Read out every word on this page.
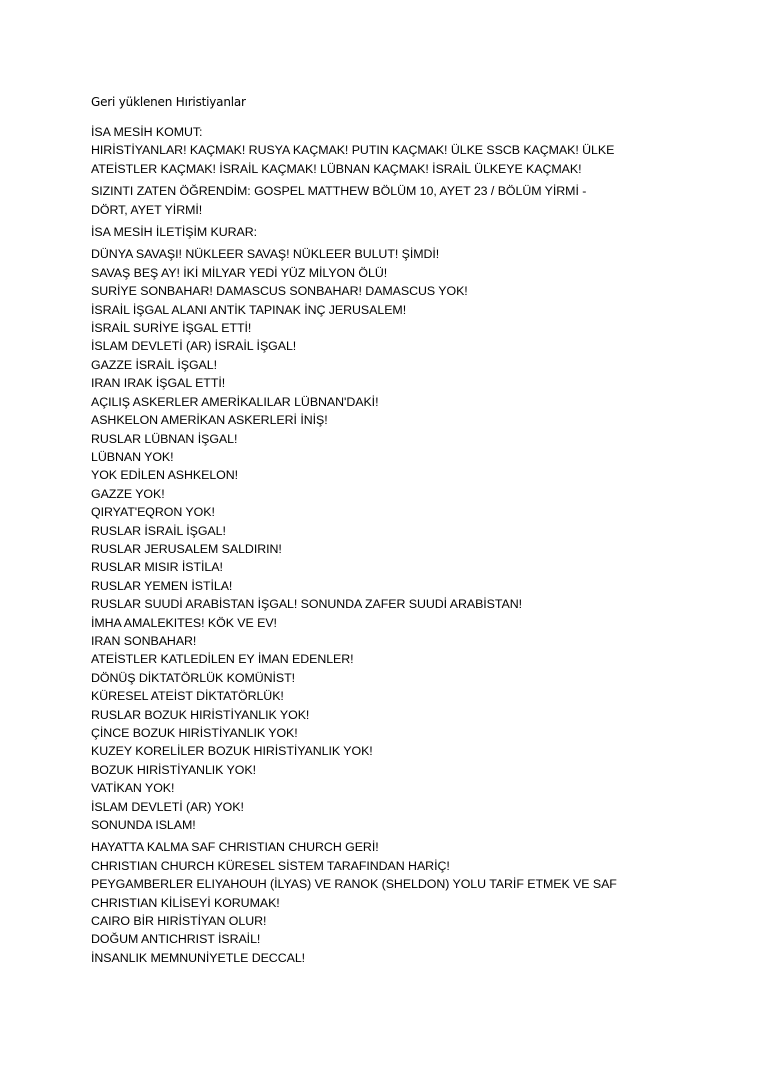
Geri yüklenen Hıristiyanlar
İSA MESİH KOMUT:
HIRİSTİYANLAR! KAÇMAK! RUSYA KAÇMAK! PUTIN KAÇMAK! ÜLKE SSCB KAÇMAK! ÜLKE
ATEİSTLER KAÇMAK! İSRAİL KAÇMAK! LÜBNAN KAÇMAK! İSRAİL ÜLKEYE KAÇMAK!
SIZINTI ZATEN ÖĞRENDİM: GOSPEL MATTHEW BÖLÜM 10, AYET 23 / BÖLÜM YİRMİ -
DÖRT, AYET YİRMİ!
İSA MESİH İLETİŞİM KURAR:
DÜNYA SAVAŞI! NÜKLEER SAVAŞ! NÜKLEER BULUT! ŞİMDİ!
SAVAŞ BEŞ AY! İKİ MİLYAR YEDİ YÜZ MİLYON ÖLÜ!
SURİYE SONBAHAR! DAMASCUS SONBAHAR! DAMASCUS YOK!
İSRAİL İŞGAL ALANI ANTİK TAPINAK İNÇ JERUSALEM!
İSRAİL SURİYE İŞGAL ETTİ!
İSLAM DEVLETİ (AR) İSRAİL İŞGAL!
GAZZE İSRAİL İŞGAL!
IRAN IRAK İŞGAL ETTİ!
AÇILIŞ ASKERLER AMERİKALILAR LÜBNAN'DAKİ!
ASHKELON AMERİKAN ASKERLERİ İNİŞ!
RUSLAR LÜBNAN İŞGAL!
LÜBNAN YOK!
YOK EDİLEN ASHKELON!
GAZZE YOK!
QIRYAT'EQRON YOK!
RUSLAR İSRAİL İŞGAL!
RUSLAR JERUSALEM SALDIRIN!
RUSLAR MISIR İSTİLA!
RUSLAR YEMEN İSTİLA!
RUSLAR SUUDİ ARABİSTAN İŞGAL! SONUNDA ZAFER SUUDİ ARABİSTAN!
İMHA AMALEKITES! KÖK VE EV!
IRAN SONBAHAR!
ATEİSTLER KATLEDİLEN EY İMAN EDENLER!
DÖNÜŞ DİKTATÖRLÜK KOMÜNİST!
KÜRESEL ATEİST DİKTATÖRLÜK!
RUSLAR BOZUK HIRİSTİYANLIK YOK!
ÇİNCE BOZUK HIRİSTİYANLIK YOK!
KUZEY KORELİLER BOZUK HIRİSTİYANLIK YOK!
BOZUK HIRİSTİYANLIK YOK!
VATİKAN YOK!
İSLAM DEVLETİ (AR) YOK!
SONUNDA ISLAM!
HAYATTA KALMA SAF CHRISTIAN CHURCH GERİ!
CHRISTIAN CHURCH KÜRESEL SİSTEM TARAFINDAN HARİÇ!
PEYGAMBERLER ELIYAHOUH (İLYAS) VE RANOK (SHELDON) YOLU TARİF ETMEK VE SAF
CHRISTIAN KİLİSEYİ KORUMAK!
CAIRO BİR HIRİSTİYAN OLUR!
DOĞUM ANTICHRIST İSRAİL!
İNSANLIK MEMNUNİYETLE DECCAL!
